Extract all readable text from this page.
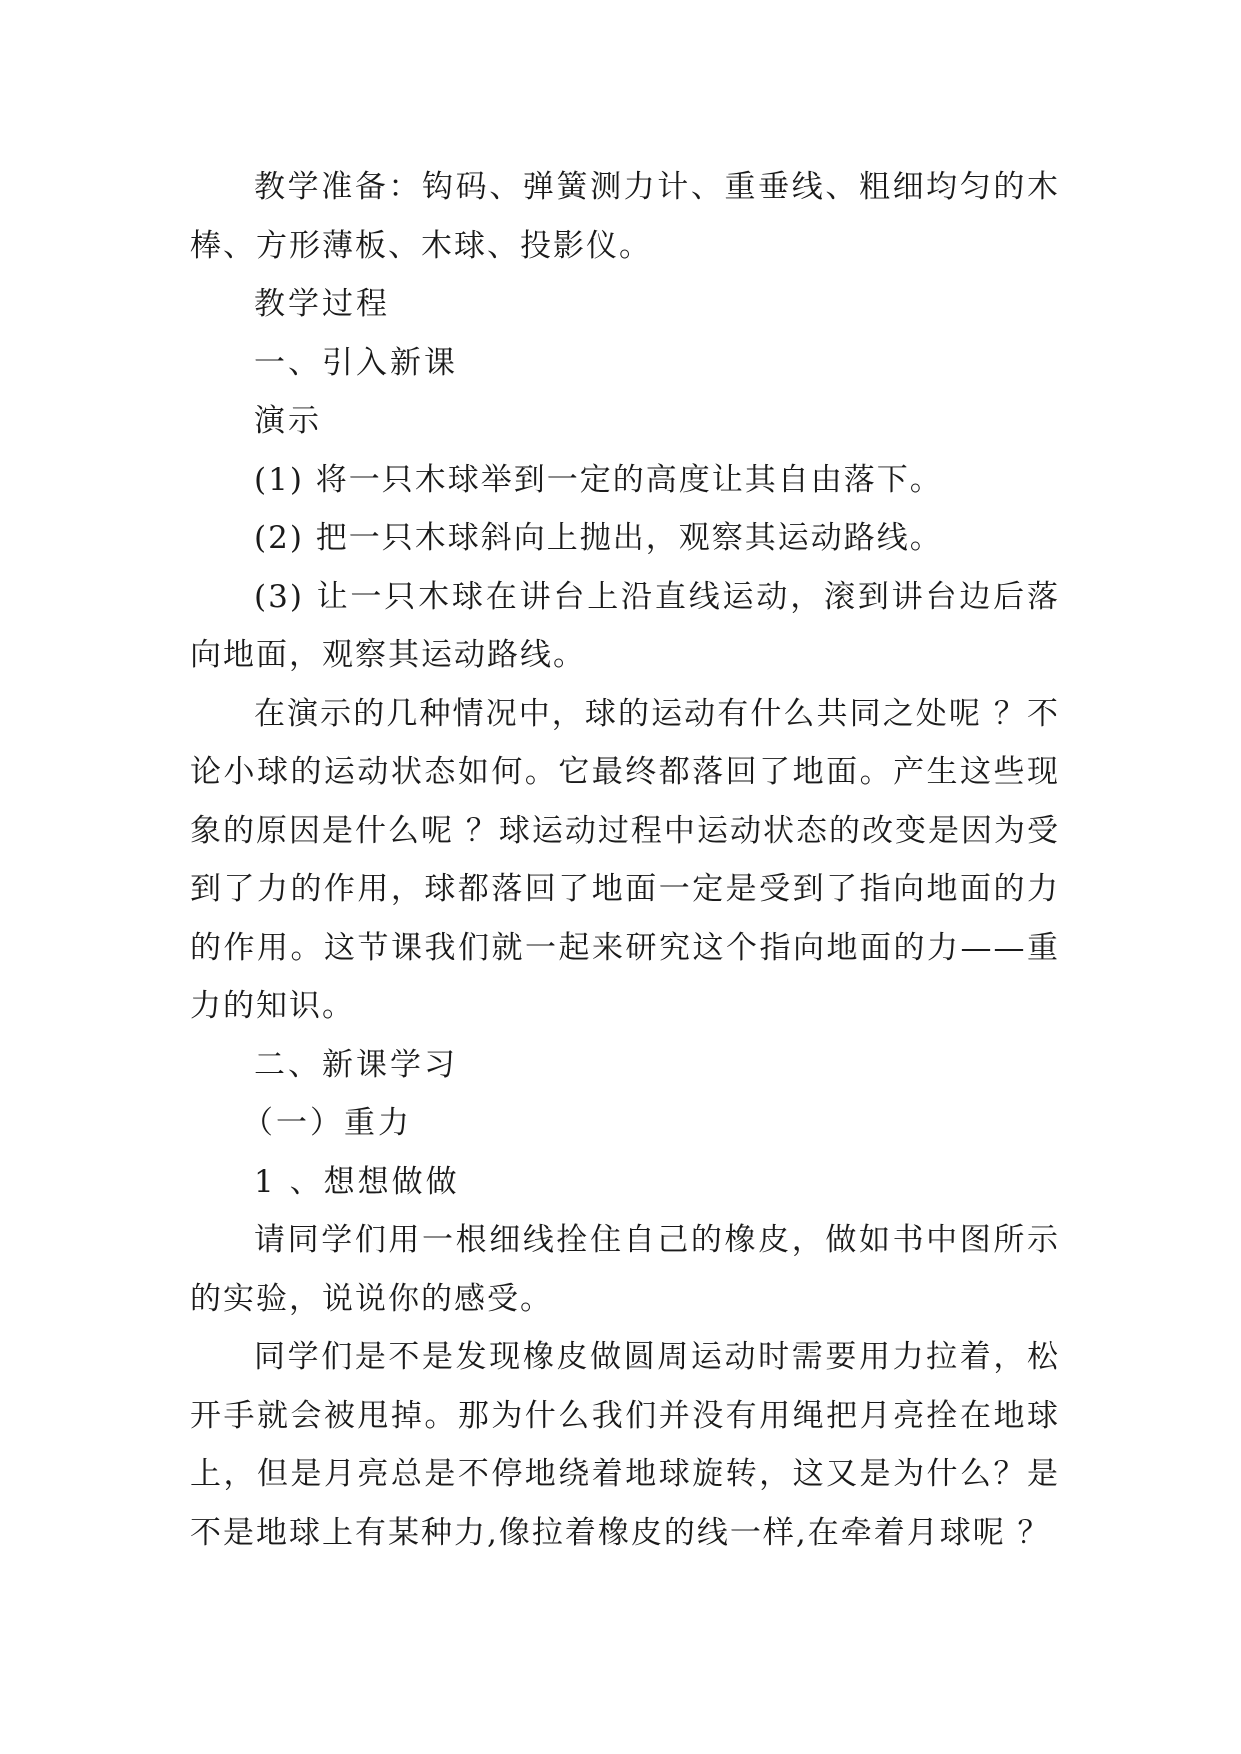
教学准备：钩码、弹簧测力计、重垂线、粗细均匀的木棒、方形薄板、木球、投影仪。

教学过程

一、引入新课

演示

(1) 将一只木球举到一定的高度让其自由落下。

(2) 把一只木球斜向上抛出，观察其运动路线。

(3) 让一只木球在讲台上沿直线运动，滚到讲台边后落向地面，观察其运动路线。

在演示的几种情况中，球的运动有什么共同之处呢 ？不论小球的运动状态如何。它最终都落回了地面。产生这些现象的原因是什么呢 ？球运动过程中运动状态的改变是因为受到了力的作用，球都落回了地面一定是受到了指向地面的力的作用。这节课我们就一起来研究这个指向地面的力——重力的知识。

二、新课学习

（一）重力

1 、想想做做

请同学们用一根细线拴住自己的橡皮，做如书中图所示的实验，说说你的感受。

同学们是不是发现橡皮做圆周运动时需要用力拉着，松开手就会被甩掉。那为什么我们并没有用绳把月亮拴在地球上，但是月亮总是不停地绕着地球旋转，这又是为什么？是不是地球上有某种力,像拉着橡皮的线一样,在牵着月球呢 ？
